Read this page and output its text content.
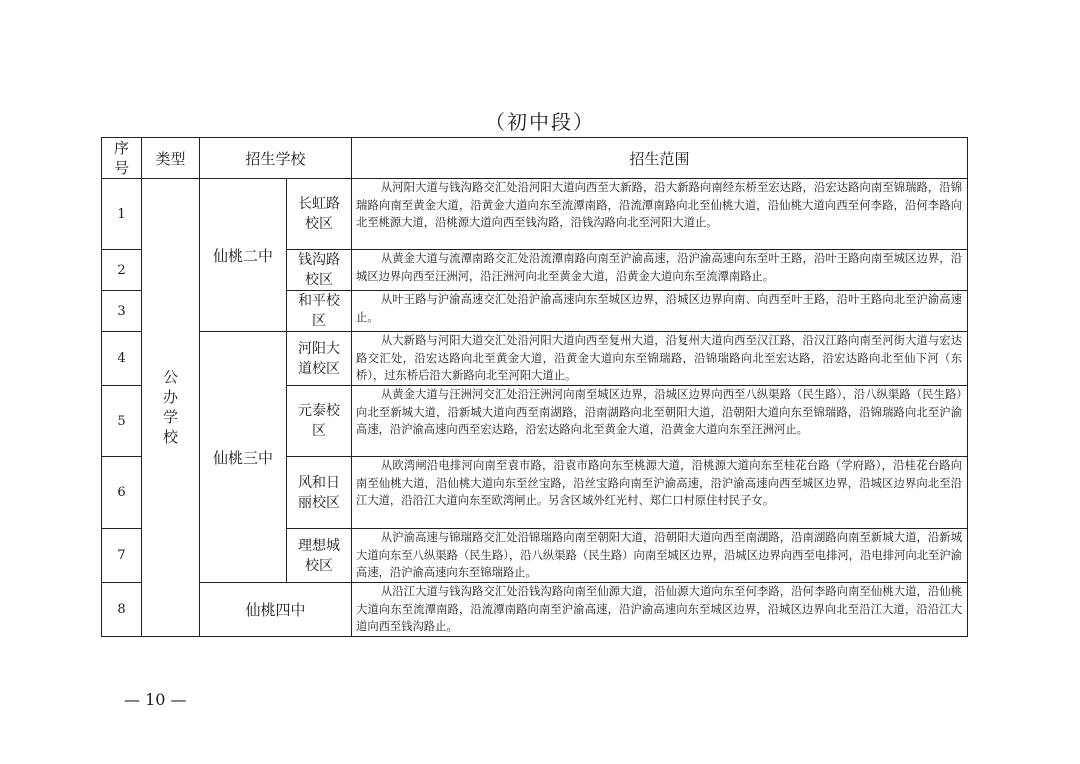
（初中段）
序号	类型	招生学校		招生范围
1	公办学校	仙桃二中	长虹路校区	从河阳大道与钱沟路交汇处沿河阳大道向西至大新路，沿大新路向南经东桥至宏达路，沿宏达路向南至锦瑞路，沿锦瑞路向南至黄金大道，沿黄金大道向东至流潭南路，沿流潭南路向北至仙桃大道，沿仙桃大道向西至何李路，沿何李路向北至桃源大道，沿桃源大道向西至钱沟路，沿钱沟路向北至河阳大道止。
2			钱沟路校区	从黄金大道与流潭南路交汇处沿流潭南路向南至沪渝高速，沿沪渝高速向东至叶王路，沿叶王路向南至城区边界，沿城区边界向西至汪洲河，沿汪洲河向北至黄金大道，沿黄金大道向东至流潭南路止。
3			和平校区	从叶王路与沪渝高速交汇处沿沪渝高速向东至城区边界，沿城区边界向南、向西至叶王路，沿叶王路向北至沪渝高速止。
4		仙桃三中	河阳大道校区	从大新路与河阳大道交汇处沿河阳大道向西至复州大道，沿复州大道向西至汉江路，沿汉江路向南至河街大道与宏达路交汇处，沿宏达路向北至黄金大道，沿黄金大道向东至锦瑞路，沿锦瑞路向北至宏达路，沿宏达路向北至仙下河（东桥），过东桥后沿大新路向北至河阳大道止。
5			元泰校区	从黄金大道与汪洲河交汇处沿汪洲河向南至城区边界，沿城区边界向西至八纵渠路（民生路），沿八纵渠路（民生路）向北至新城大道，沿新城大道向西至南湖路，沿南湖路向北至朝阳大道，沿朝阳大道向东至锦瑞路，沿锦瑞路向北至沪渝高速，沿沪渝高速向西至宏达路，沿宏达路向北至黄金大道，沿黄金大道向东至汪洲河止。
6			风和日丽校区	从欧湾闸沿电排河向南至袁市路，沿袁市路向东至桃源大道，沿桃源大道向东至桂花台路（学府路），沿桂花台路向南至仙桃大道，沿仙桃大道向东至丝宝路，沿丝宝路向南至沪渝高速，沿沪渝高速向西至城区边界，沿城区边界向北至沿江大道，沿沿江大道向东至欧湾闸止。另含区域外红光村、郑仁口村原住村民子女。
7			理想城校区	从沪渝高速与锦瑞路交汇处沿锦瑞路向南至朝阳大道，沿朝阳大道向西至南湖路，沿南湖路向南至新城大道，沿新城大道向东至八纵渠路（民生路），沿八纵渠路（民生路）向南至城区边界，沿城区边界向西至电排河，沿电排河向北至沪渝高速，沿沪渝高速向东至锦瑞路止。
8		仙桃四中		从沿江大道与钱沟路交汇处沿钱沟路向南至仙源大道，沿仙源大道向东至何李路，沿何李路向南至仙桃大道，沿仙桃大道向东至流潭南路，沿流潭南路向南至沪渝高速，沿沪渝高速向东至城区边界，沿城区边界向北至沿江大道，沿沿江大道向西至钱沟路止。
— 10 —
